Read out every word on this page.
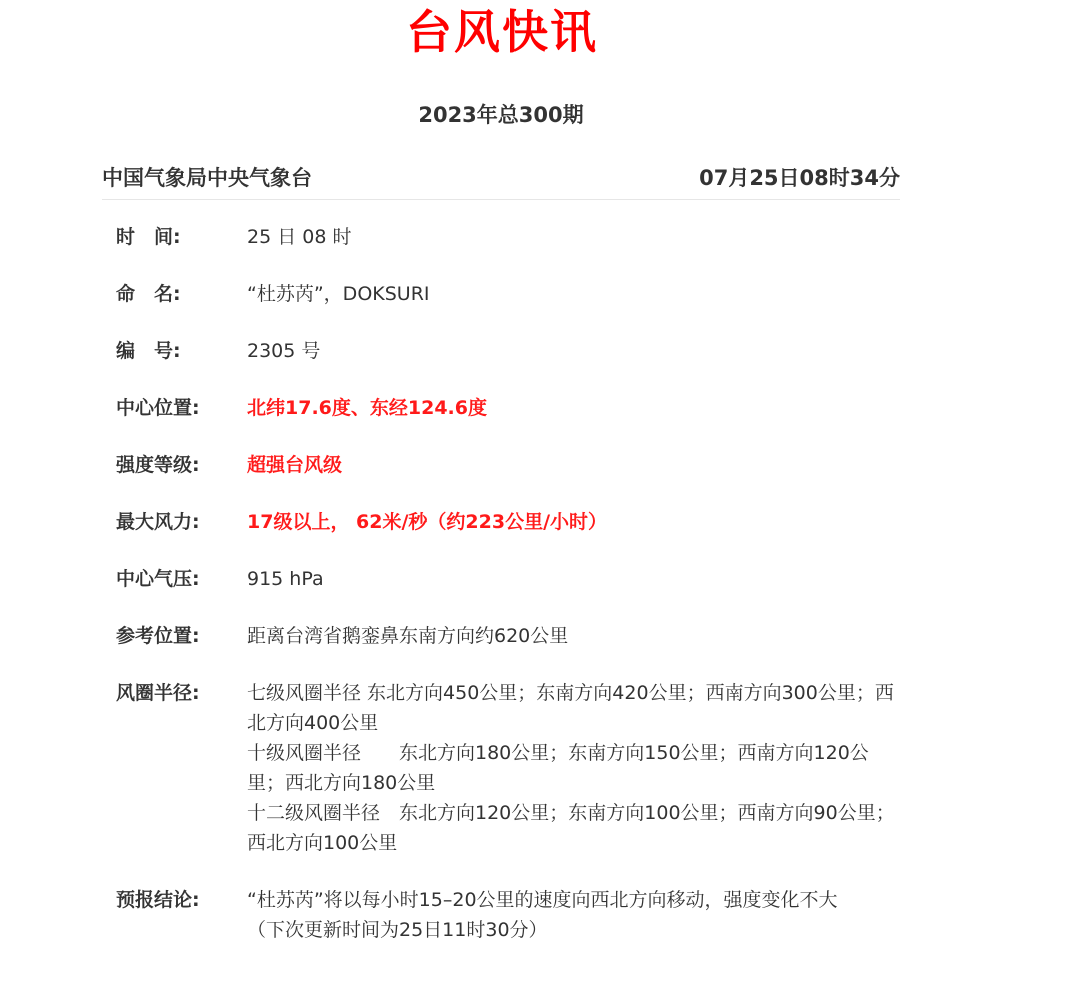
台风快讯
2023年总300期
中国气象局中央气象台	07月25日08时34分
时　间:	25 日 08 时
命　名:	“杜苏芮”，DOKSURI
编　号:	2305 号
中心位置:	北纬17.6度、东经124.6度
强度等级:	超强台风级
最大风力:	17级以上， 62米/秒（约223公里/小时）
中心气压:	915 hPa
参考位置:	距离台湾省鹅銮鼻东南方向约620公里
风圈半径:	七级风圈半径 东北方向450公里；东南方向420公里；西南方向300公里；西北方向400公里
十级风圈半径　　东北方向180公里；东南方向150公里；西南方向120公里；西北方向180公里
十二级风圈半径　东北方向120公里；东南方向100公里；西南方向90公里；西北方向100公里
预报结论:	“杜苏芮”将以每小时15–20公里的速度向西北方向移动，强度变化不大
（下次更新时间为25日11时30分）
